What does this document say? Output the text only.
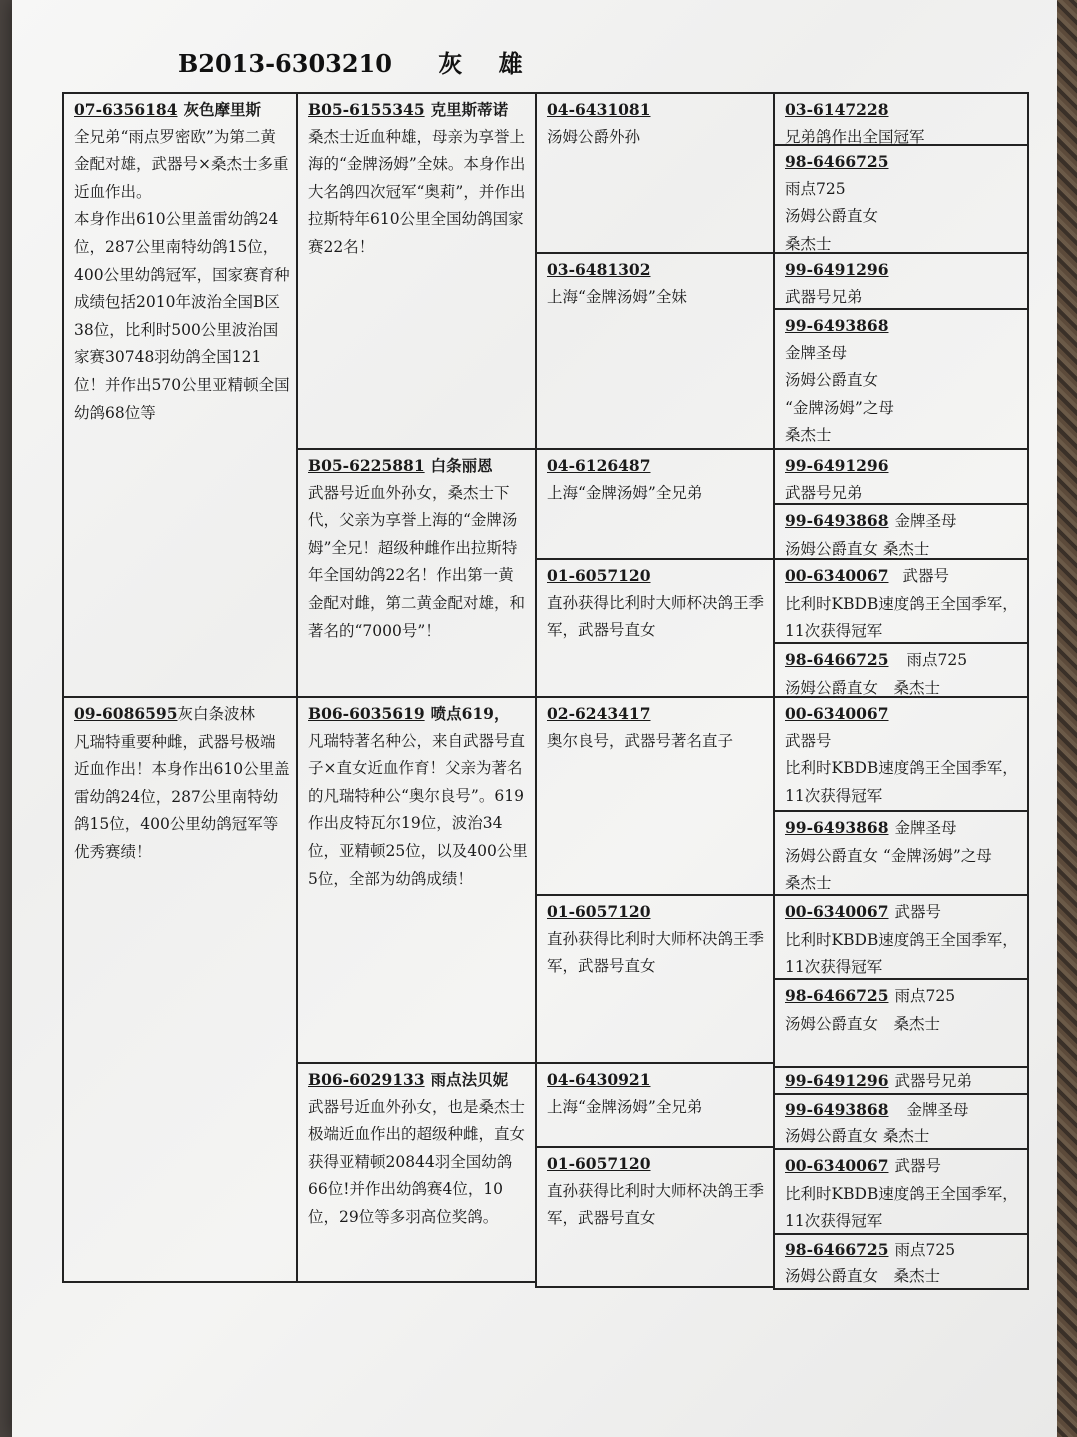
B2013-6303210 灰 雄
07-6356184 灰色摩里斯
全兄弟“雨点罗密欧”为第二黄金配对雄，武器号×桑杰士多重近血作出。
本身作出610公里盖雷幼鸽24位，287公里南特幼鸽15位，400公里幼鸽冠军，国家赛育种成绩包括2010年波治全国B区38位，比利时500公里波治国家赛30748羽幼鸽全国121位！并作出570公里亚精顿全国幼鸽68位等
09-6086595灰白条波林
凡瑞特重要种雌，武器号极端近血作出！本身作出610公里盖雷幼鸽24位，287公里南特幼鸽15位，400公里幼鸽冠军等优秀赛绩！
B05-6155345 克里斯蒂诺
桑杰士近血种雄，母亲为享誉上海的“金牌汤姆”全妹。本身作出大名鸽四次冠军“奥莉”，并作出拉斯特年610公里全国幼鸽国家赛22名！
B05-6225881 白条丽恩
武器号近血外孙女，桑杰士下代，父亲为享誉上海的“金牌汤姆”全兄！超级种雌作出拉斯特年全国幼鸽22名！作出第一黄金配对雌，第二黄金配对雄，和著名的“7000号”！
B06-6035619 喷点619，
凡瑞特著名种公，来自武器号直子×直女近血作育！父亲为著名的凡瑞特种公“奥尔良号”。619作出皮特瓦尔19位，波治34位，亚精顿25位，以及400公里5位，全部为幼鸽成绩！
B06-6029133 雨点法贝妮
武器号近血外孙女，也是桑杰士极端近血作出的超级种雌，直女获得亚精顿20844羽全国幼鸽66位!并作出幼鸽赛4位，10位，29位等多羽高位奖鸽。
04-6431081
汤姆公爵外孙
03-6481302
上海“金牌汤姆”全妹
04-6126487
上海“金牌汤姆”全兄弟
01-6057120
直孙获得比利时大师杯决鸽王季军，武器号直女
02-6243417
奥尔良号，武器号著名直子
01-6057120
直孙获得比利时大师杯决鸽王季军，武器号直女
04-6430921
上海“金牌汤姆”全兄弟
01-6057120
直孙获得比利时大师杯决鸽王季军，武器号直女
03-6147228
兄弟鸽作出全国冠军
98-6466725
雨点725
汤姆公爵直女
桑杰士
99-6491296
武器号兄弟
99-6493868
金牌圣母
汤姆公爵直女
“金牌汤姆”之母
桑杰士
99-6491296
武器号兄弟
99-6493868 金牌圣母
汤姆公爵直女 桑杰士
00-6340067 武器号
比利时KBDB速度鸽王全国季军，11次获得冠军
98-6466725 雨点725
汤姆公爵直女　桑杰士
00-6340067
武器号
比利时KBDB速度鸽王全国季军，11次获得冠军
99-6493868 金牌圣母
汤姆公爵直女 “金牌汤姆”之母　桑杰士
00-6340067 武器号
比利时KBDB速度鸽王全国季军，11次获得冠军
98-6466725 雨点725
汤姆公爵直女　桑杰士
99-6491296 武器号兄弟
99-6493868 金牌圣母
汤姆公爵直女 桑杰士
00-6340067 武器号
比利时KBDB速度鸽王全国季军，11次获得冠军
98-6466725 雨点725
汤姆公爵直女　桑杰士
